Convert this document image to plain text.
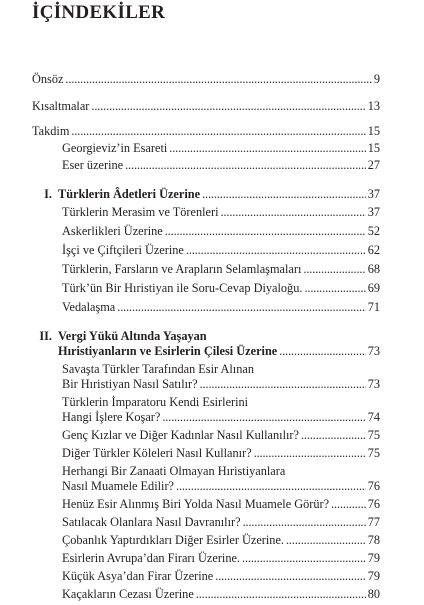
İÇİNDEKİLER
Önsöz . . .	9
Kısaltmalar . . .	13
Takdim . . .	15
Georgieviz’in Esareti . . .	15
Eser üzerine . . .	27
I. Türklerin Âdetleri Üzerine . . .	37
Türklerin Merasim ve Törenleri . . .	37
Askerlikleri Üzerine . . .	52
İşçi ve Çiftçileri Üzerine . . .	62
Türklerin, Farsların ve Arapların Selamlaşmaları . . .	68
Türk’ün Bir Hıristiyan ile Soru-Cevap Diyaloğu. . . .	69
Vedalaşma . . .	71
II. Vergi Yükü Altında Yaşayan
Hıristiyanların ve Esirlerin Çilesi Üzerine . . .	73
Savaşta Türkler Tarafından Esir Alınan
Bir Hıristiyan Nasıl Satılır? . . .	73
Türklerin İmparatoru Kendi Esirlerini
Hangi İşlere Koşar? . . .	74
Genç Kızlar ve Diğer Kadınlar Nasıl Kullanılır? . . .	75
Diğer Türkler Köleleri Nasıl Kullanır? . . .	75
Herhangi Bir Zanaati Olmayan Hıristiyanlara
Nasıl Muamele Edilir? . . .	76
Henüz Esir Alınmış Biri Yolda Nasıl Muamele Görür? . . .	76
Satılacak Olanlara Nasıl Davranılır? . . .	77
Çobanlık Yaptırdıkları Diğer Esirler Üzerine. . . .	78
Esirlerin Avrupa’dan Firarı Üzerine. . . .	79
Küçük Asya’dan Firar Üzerine . . .	79
Kaçakların Cezası Üzerine . . .	80
